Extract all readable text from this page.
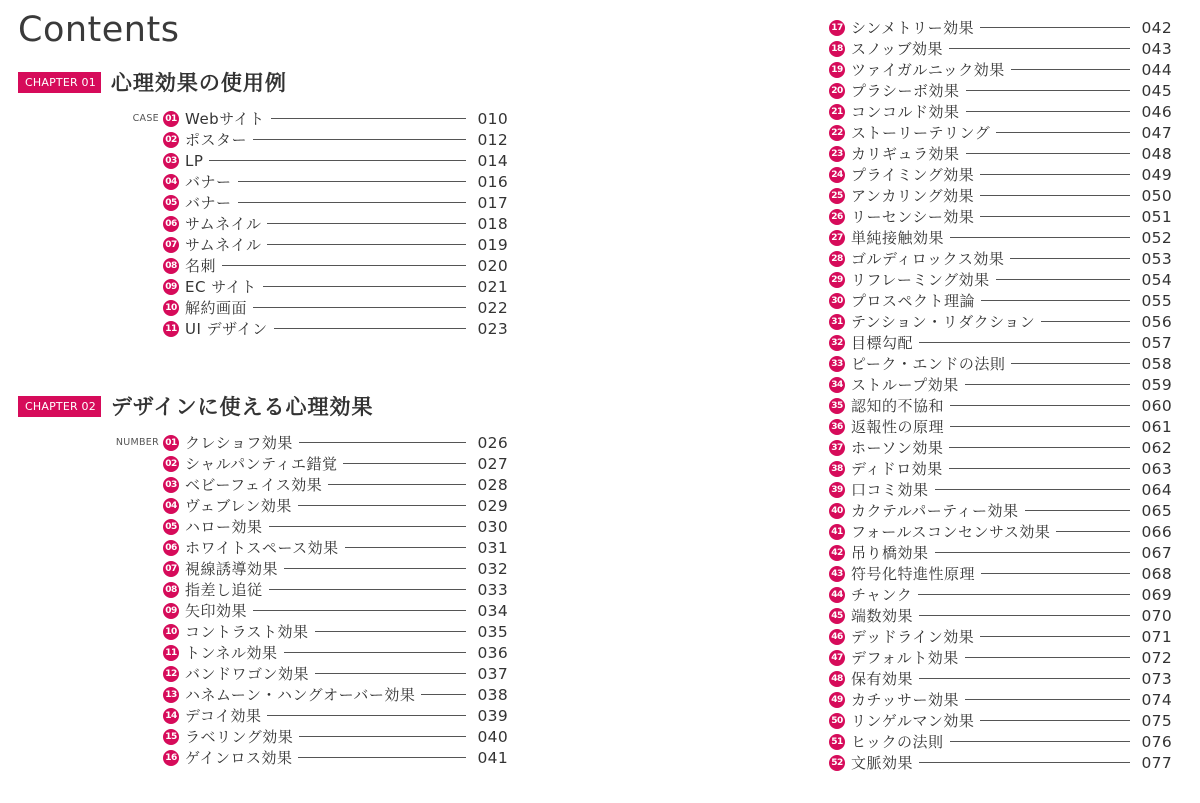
Contents
CHAPTER 01 心理効果の使用例
CASE 01 Webサイト	010
02 ポスター	012
03 LP	014
04 バナー	016
05 バナー	017
06 サムネイル	018
07 サムネイル	019
08 名刺	020
09 EC サイト	021
10 解約画面	022
11 UI デザイン	023
CHAPTER 02 デザインに使える心理効果
NUMBER 01 クレショフ効果	026
02 シャルパンティエ錯覚	027
03 ベビーフェイス効果	028
04 ヴェブレン効果	029
05 ハロー効果	030
06 ホワイトスペース効果	031
07 視線誘導効果	032
08 指差し追従	033
09 矢印効果	034
10 コントラスト効果	035
11 トンネル効果	036
12 バンドワゴン効果	037
13 ハネムーン・ハングオーバー効果	038
14 デコイ効果	039
15 ラベリング効果	040
16 ゲインロス効果	041
17 シンメトリー効果	042
18 スノッブ効果	043
19 ツァイガルニック効果	044
20 プラシーボ効果	045
21 コンコルド効果	046
22 ストーリーテリング	047
23 カリギュラ効果	048
24 プライミング効果	049
25 アンカリング効果	050
26 リーセンシー効果	051
27 単純接触効果	052
28 ゴルディロックス効果	053
29 リフレーミング効果	054
30 プロスペクト理論	055
31 テンション・リダクション	056
32 目標勾配	057
33 ピーク・エンドの法則	058
34 ストループ効果	059
35 認知的不協和	060
36 返報性の原理	061
37 ホーソン効果	062
38 ディドロ効果	063
39 口コミ効果	064
40 カクテルパーティー効果	065
41 フォールスコンセンサス効果	066
42 吊り橋効果	067
43 符号化特進性原理	068
44 チャンク	069
45 端数効果	070
46 デッドライン効果	071
47 デフォルト効果	072
48 保有効果	073
49 カチッサー効果	074
50 リンゲルマン効果	075
51 ヒックの法則	076
52 文脈効果	077
